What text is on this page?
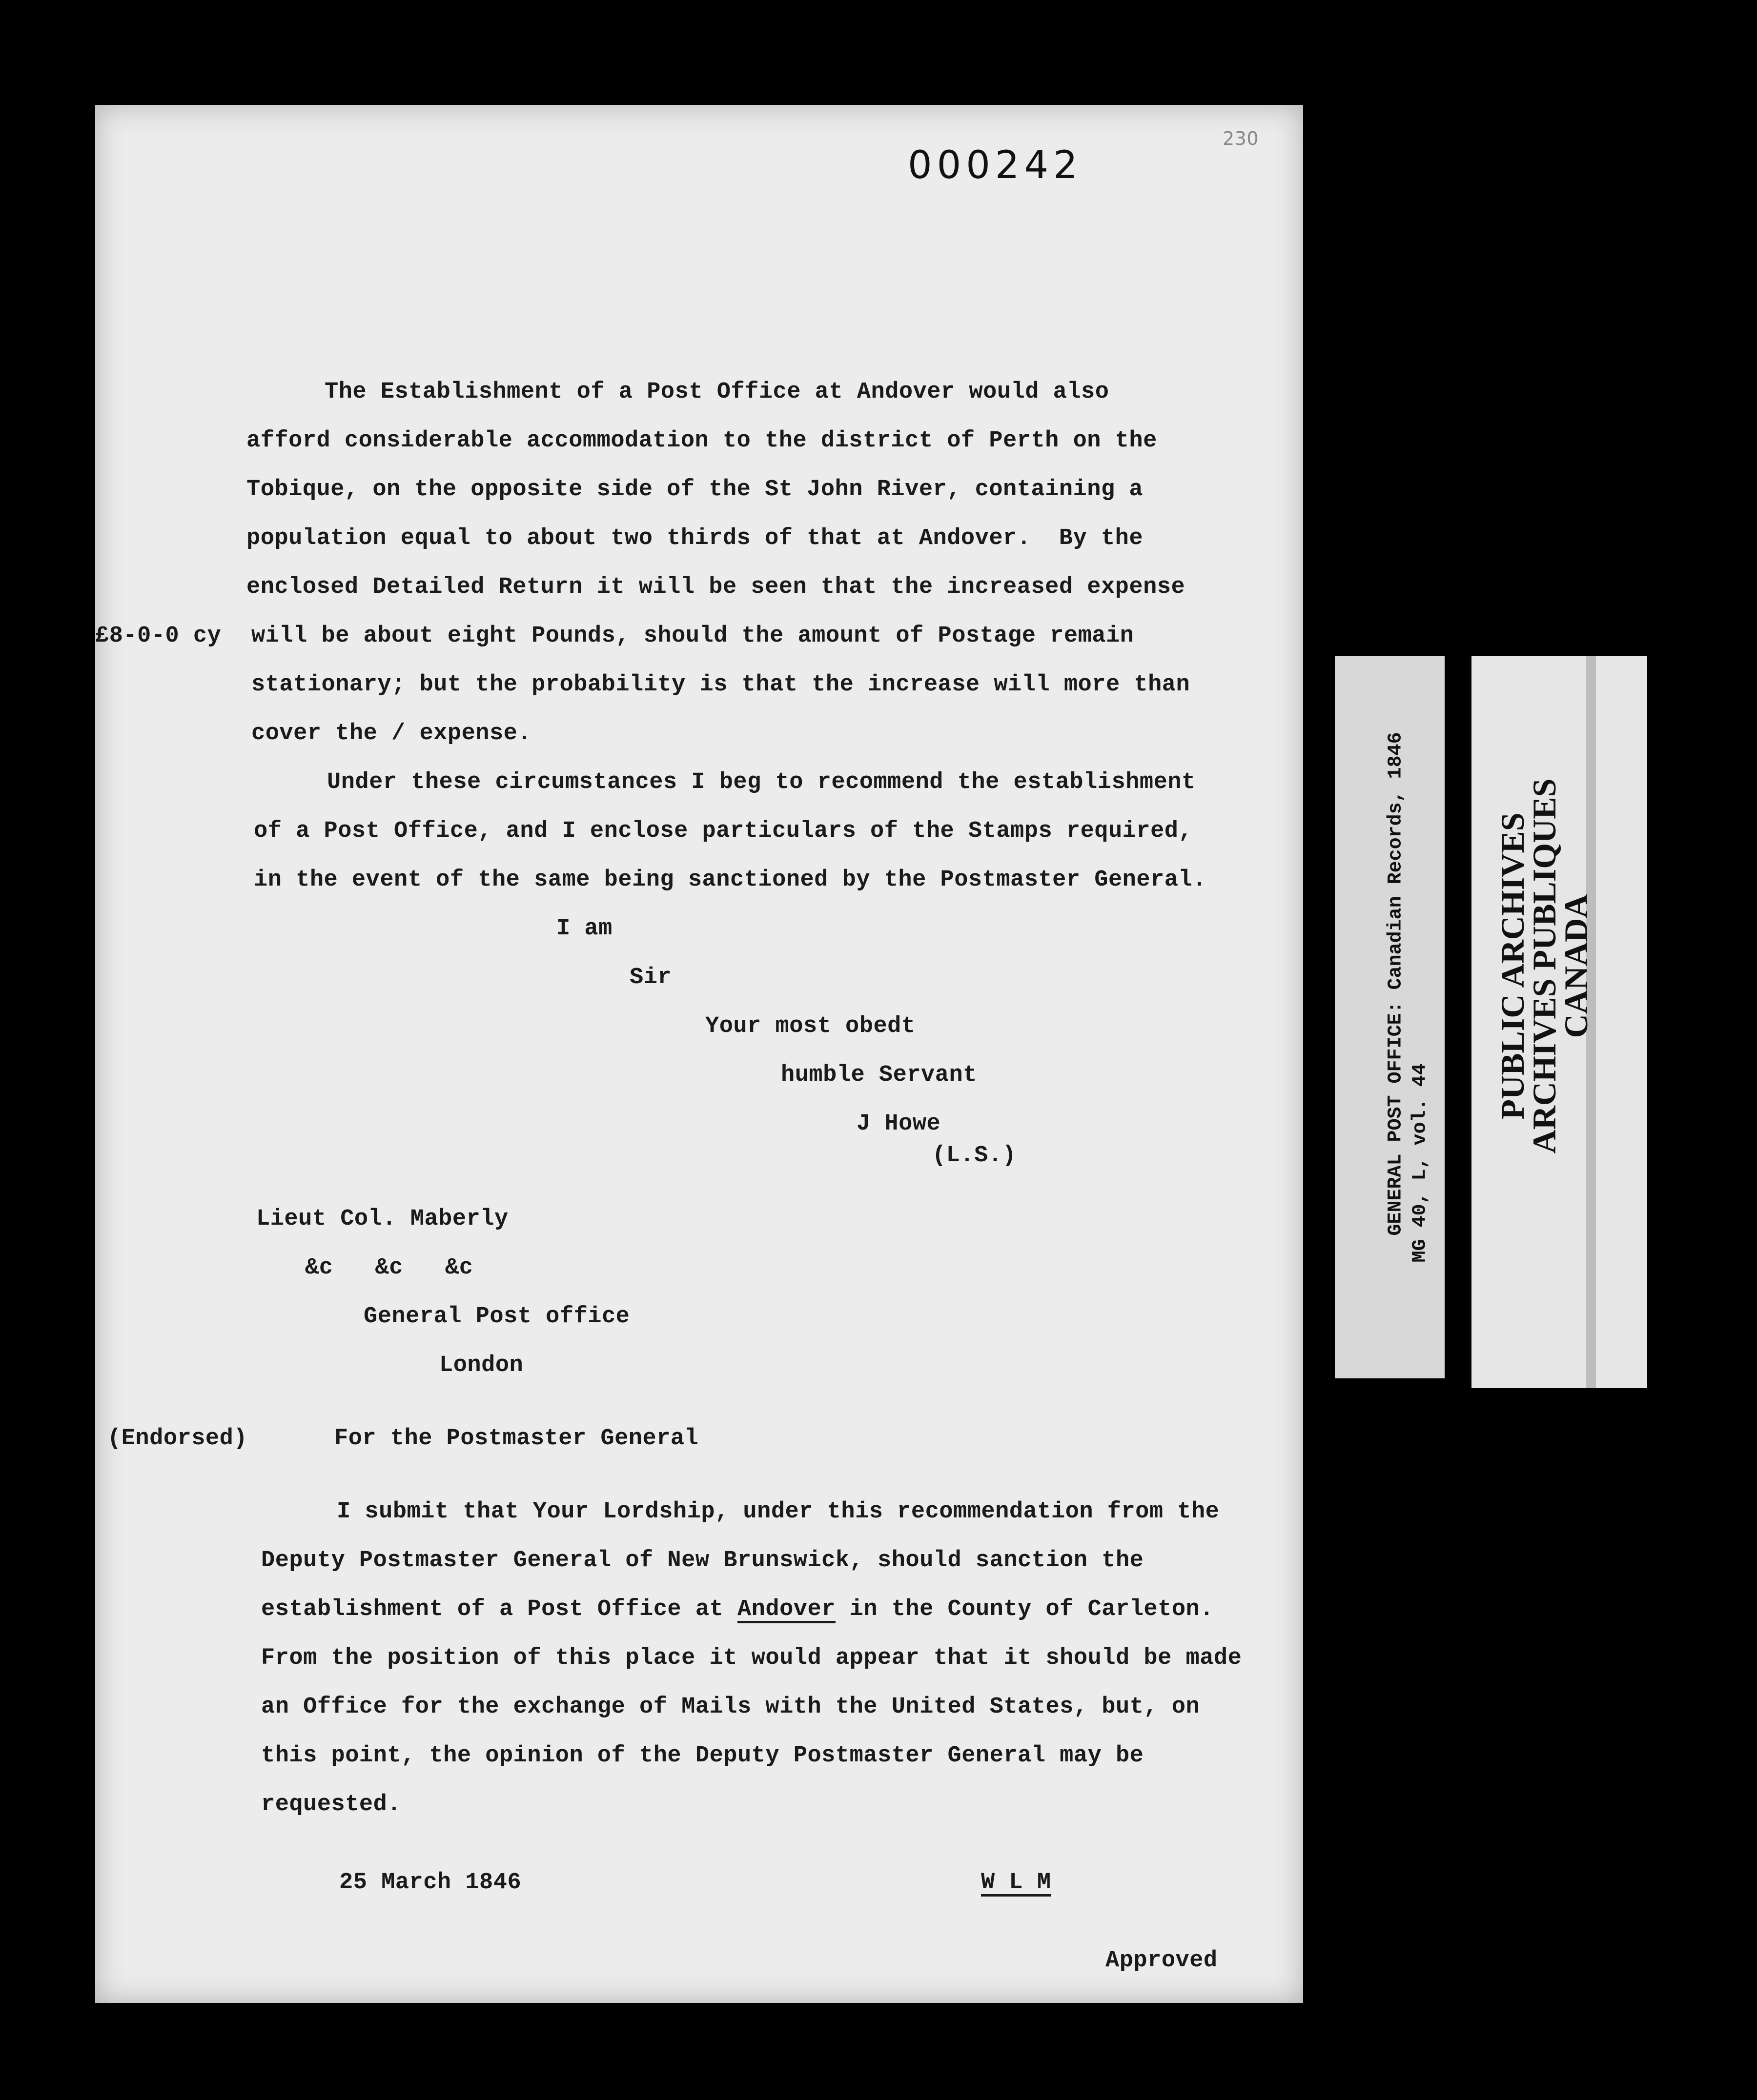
000242
230
The Establishment of a Post Office at Andover would also
afford considerable accommodation to the district of Perth on the
Tobique, on the opposite side of the St John River, containing a
population equal to about two thirds of that at Andover.  By the
enclosed Detailed Return it will be seen that the increased expense
£8-0-0 cy will be about eight Pounds, should the amount of Postage remain
stationary; but the probability is that the increase will more than
cover the / expense.
Under these circumstances I beg to recommend the establishment
of a Post Office, and I enclose particulars of the Stamps required,
in the event of the same being sanctioned by the Postmaster General.
I am
Sir
Your most obedt
humble Servant
J Howe
(L.S.)
Lieut Col. Maberly
&c   &c   &c
General Post office
London
(Endorsed)	For the Postmaster General
I submit that Your Lordship, under this recommendation from the
Deputy Postmaster General of New Brunswick, should sanction the
establishment of a Post Office at Andover in the County of Carleton.
From the position of this place it would appear that it should be made
an Office for the exchange of Mails with the United States, but, on
this point, the opinion of the Deputy Postmaster General may be
requested.
25 March 1846	W L M
Approved
GENERAL POST OFFICE: Canadian Records, 1846 MG 40, L, vol. 44
PUBLIC ARCHIVES
ARCHIVES PUBLIQUES
CANADA
